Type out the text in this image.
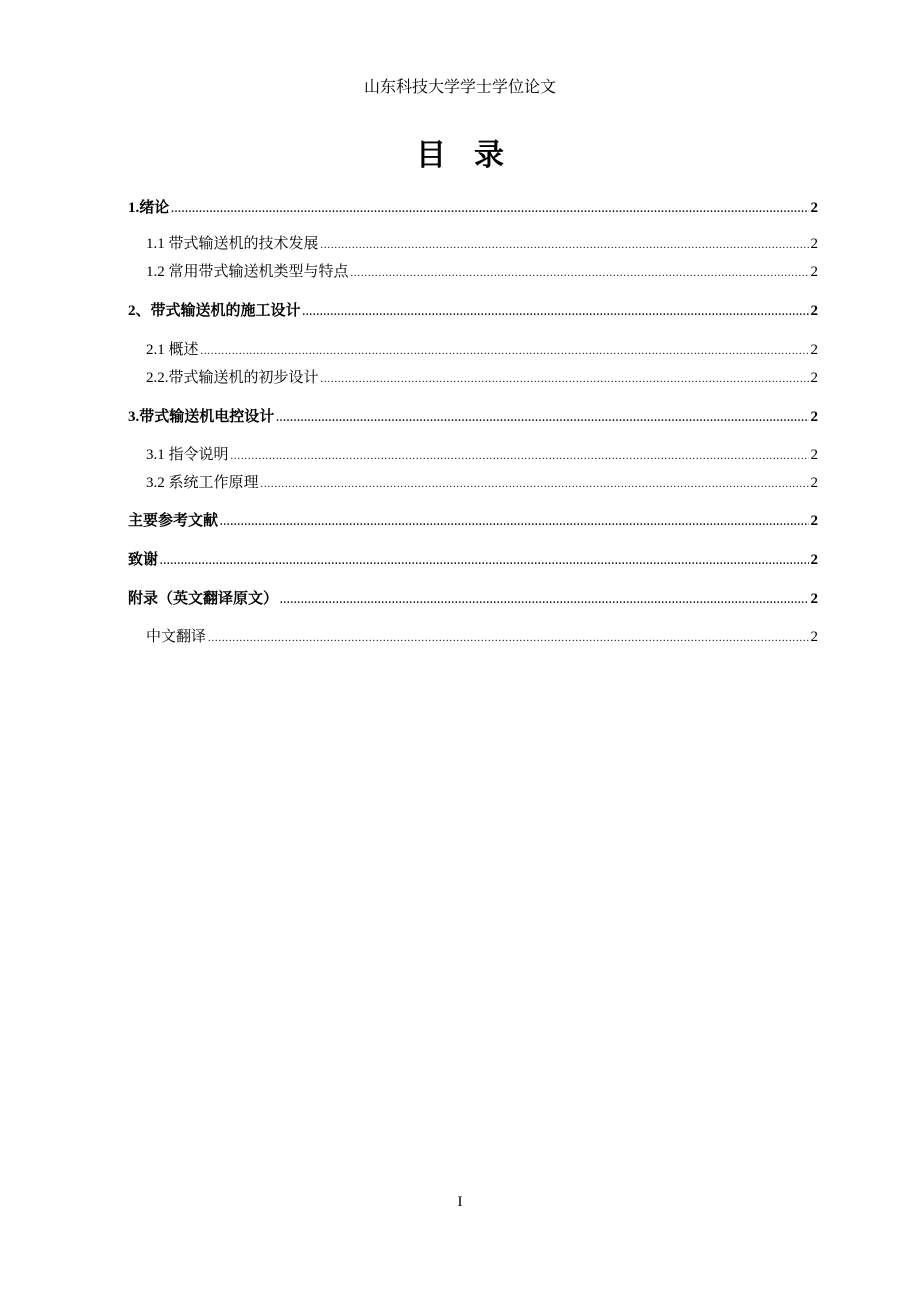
山东科技大学学士学位论文
目录
1.绪论 .....	2
1.1 带式输送机的技术发展 .....	2
1.2 常用带式输送机类型与特点 .....	2
2、带式输送机的施工设计 .....	2
2.1 概述 .....	2
2.2.带式输送机的初步设计 .....	2
3.带式输送机电控设计 .....	2
3.1 指令说明 .....	2
3.2 系统工作原理 .....	2
主要参考文献 .....	2
致谢 .....	2
附录（英文翻译原文） .....	2
中文翻译 .....	2
I
